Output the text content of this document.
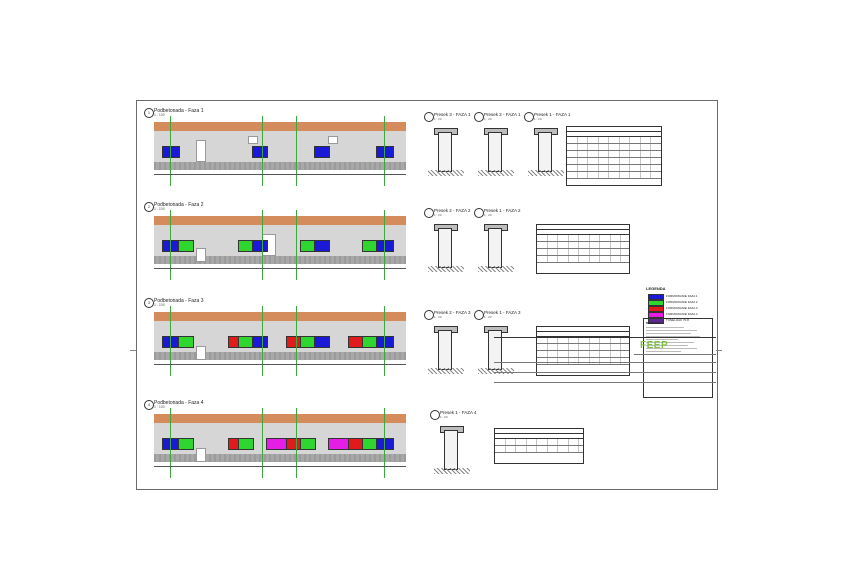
1 Podbetonada - Faza 1
1 : 100
2 Podbetonada - Faza 2
1 : 100
3 Podbetonada - Faza 3
1 : 100
4 Podbetonada - Faza 4
1 : 100
Presek 3 - FAZA 1
1 : 20
Presek 2 - FAZA 1
1 : 20
Presek 1 - FAZA 1
1 : 20
Presek 2 - FAZA 2
1 : 20
Presek 1 - FAZA 2
1 : 20
Presek 2 - FAZA 3
1 : 20
Presek 1 - FAZA 3
1 : 20
Presek 1 - FAZA 4
1 : 20
LEGENDA
FORMOWANIE FAZA 1
FORMOWANIE FAZA 2
FORMOWANIE FAZA 3
FORMOWANIE FAZA 4
TUNELIJAK 70.8
MATERIALI
FEEP
